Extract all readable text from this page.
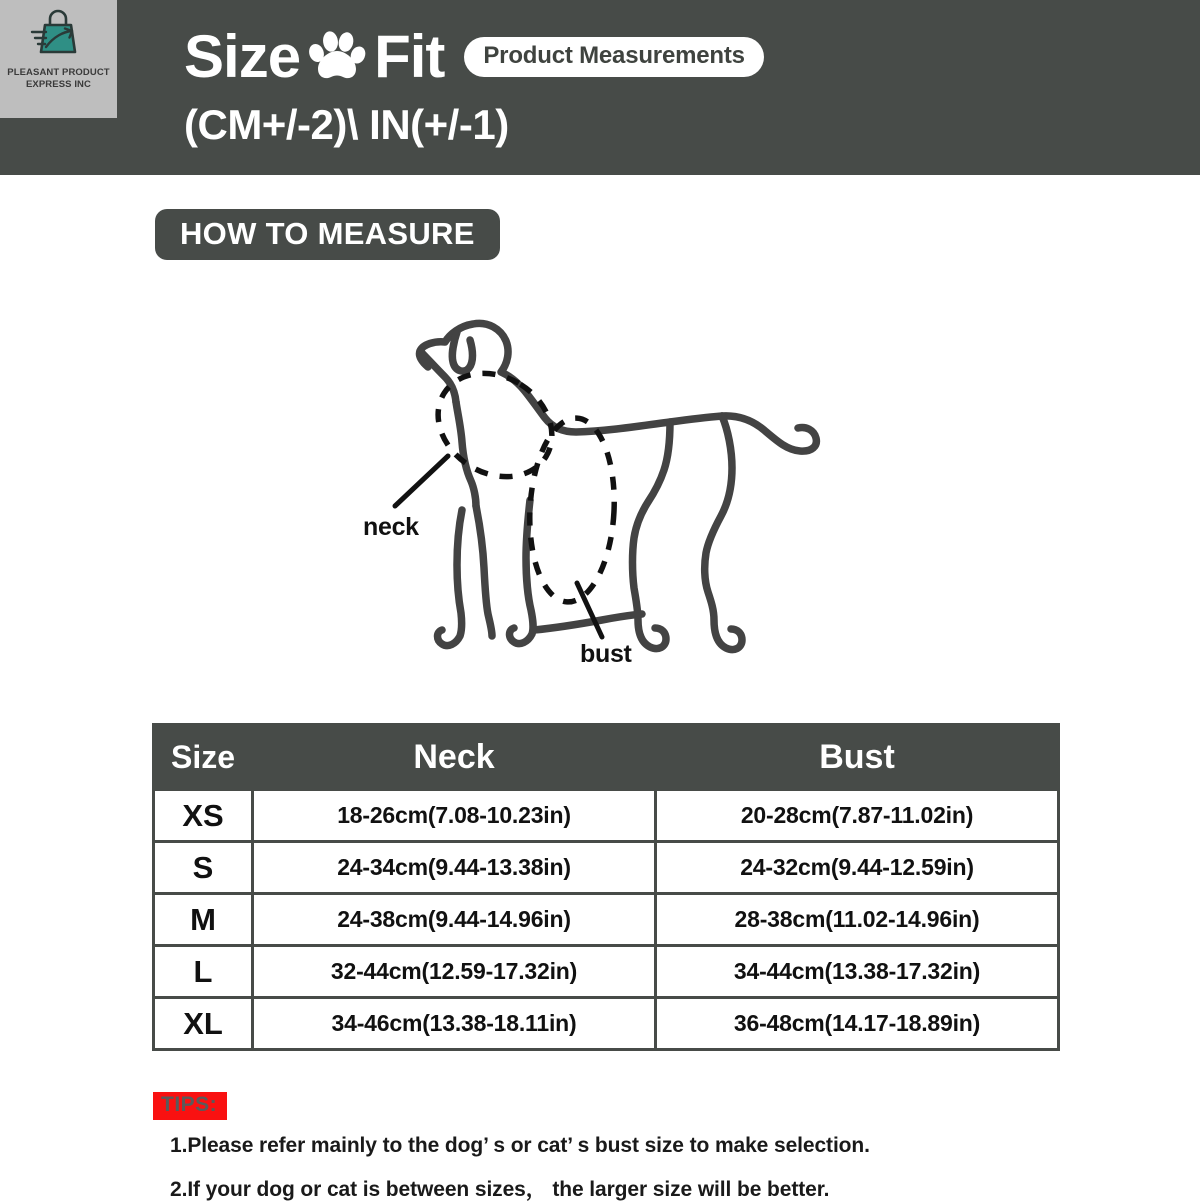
PLEASANT PRODUCT
EXPRESS INC	Size Fit	Product Measurements
(CM+/-2)\ IN(+/-1)
HOW TO MEASURE
neck
bust
Size	Neck	Bust
XS	18-26cm(7.08-10.23in)	20-28cm(7.87-11.02in)
S	24-34cm(9.44-13.38in)	24-32cm(9.44-12.59in)
M	24-38cm(9.44-14.96in)	28-38cm(11.02-14.96in)
L	32-44cm(12.59-17.32in)	34-44cm(13.38-17.32in)
XL	34-46cm(13.38-18.11in)	36-48cm(14.17-18.89in)
TIPS:
1.Please refer mainly to the dog’ s or cat’ s bust size to make selection.
2.If your dog or cat is between sizes， the larger size will be better.
